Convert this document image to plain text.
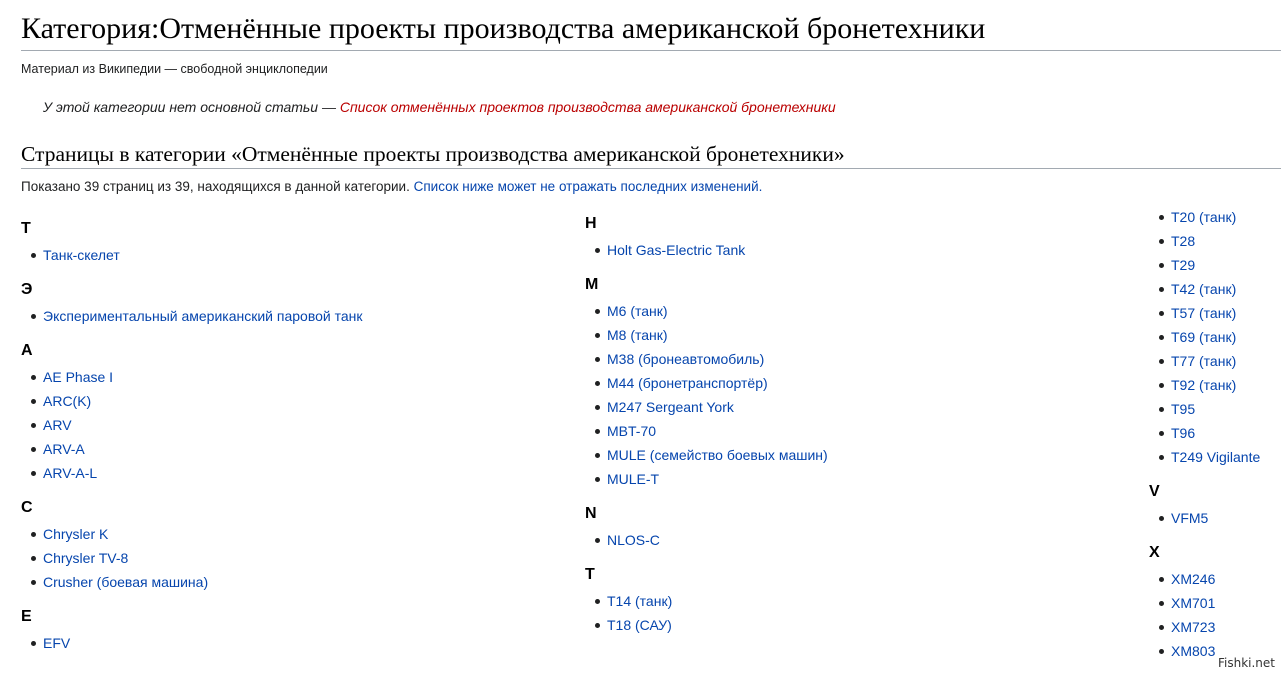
Категория:Отменённые проекты производства американской бронетехники
Материал из Википедии — свободной энциклопедии
У этой категории нет основной статьи — Список отменённых проектов производства американской бронетехники
Страницы в категории «Отменённые проекты производства американской бронетехники»
Показано 39 страниц из 39, находящихся в данной категории. Список ниже может не отражать последних изменений.
Т
Танк-скелет
Э
Экспериментальный американский паровой танк
A
AE Phase I
ARC(K)
ARV
ARV-A
ARV-A-L
C
Chrysler K
Chrysler TV-8
Crusher (боевая машина)
E
EFV
H
Holt Gas-Electric Tank
M
M6 (танк)
M8 (танк)
M38 (бронеавтомобиль)
M44 (бронетранспортёр)
M247 Sergeant York
MBT-70
MULE (семейство боевых машин)
MULE-T
N
NLOS-C
T
T14 (танк)
T18 (САУ)
T20 (танк)
T28
T29
T42 (танк)
T57 (танк)
T69 (танк)
T77 (танк)
T92 (танк)
T95
T96
T249 Vigilante
V
VFM5
X
XM246
XM701
XM723
XM803
Fishki.net
